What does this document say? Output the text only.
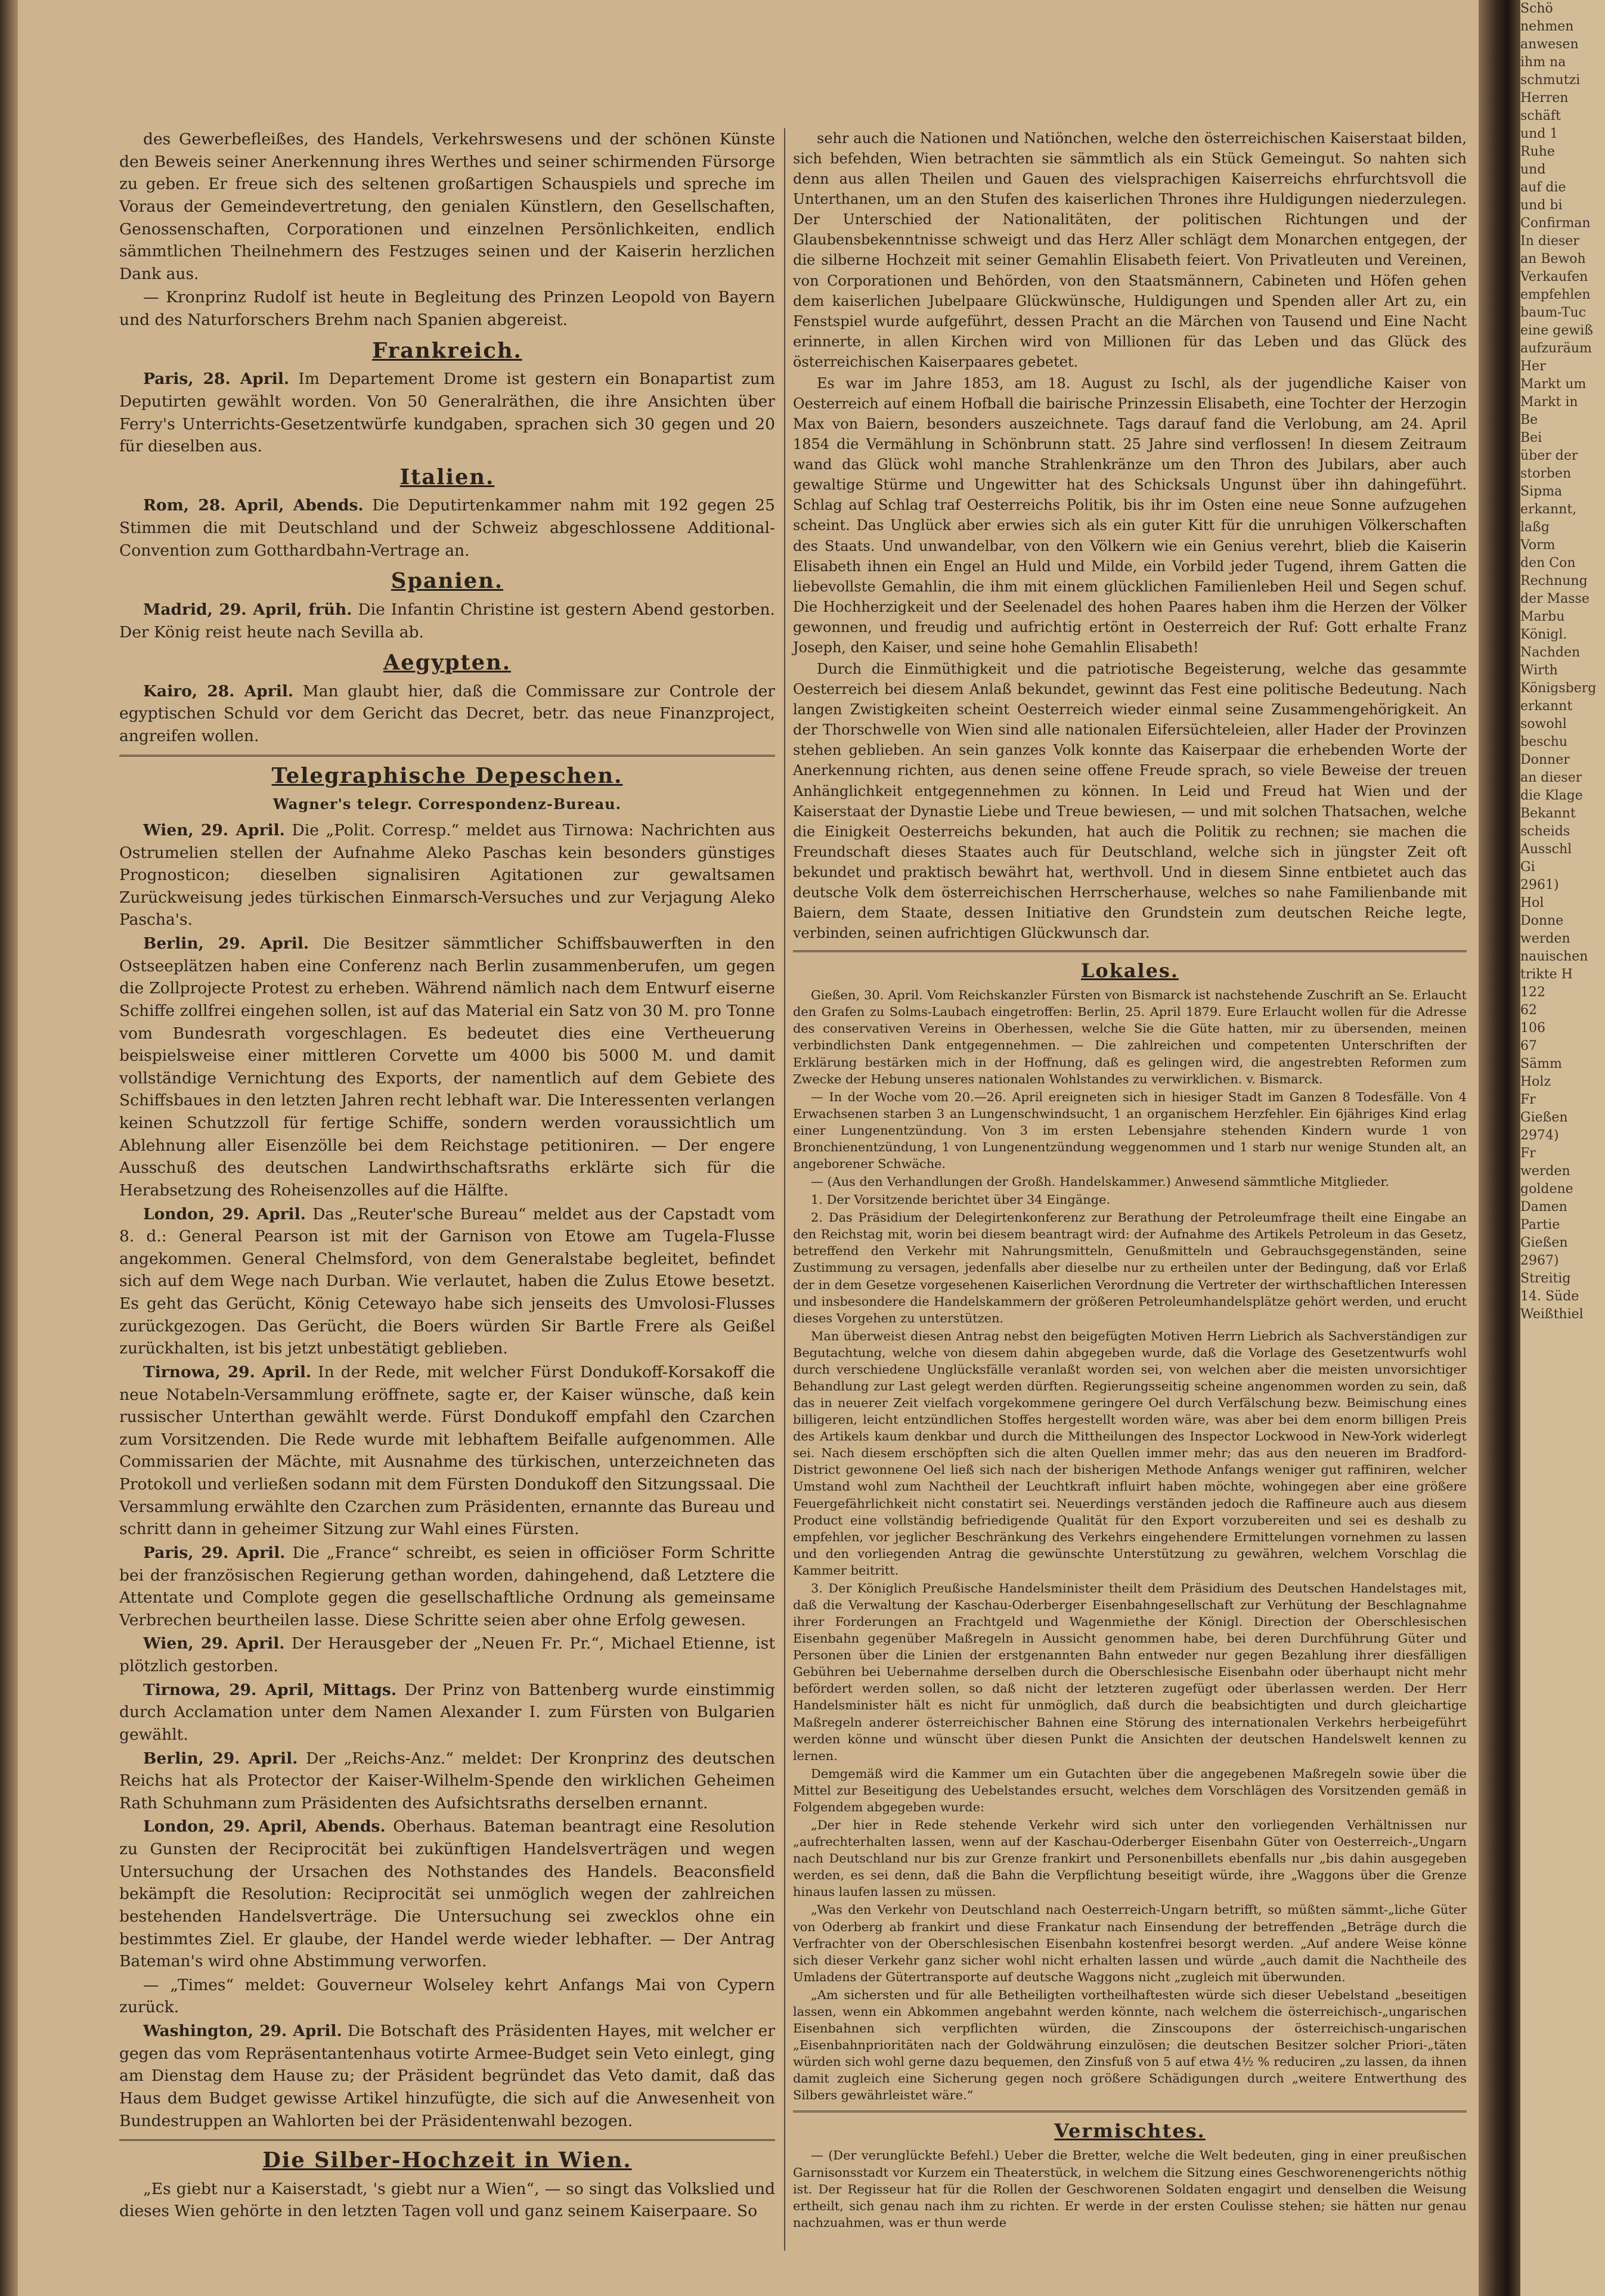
des Gewerbefleißes, des Handels, Verkehrswesens und der schönen Künste den Beweis seiner Anerkennung ihres Werthes und seiner schirmenden Fürsorge zu geben. Er freue sich des seltenen großartigen Schauspiels und spreche im Voraus der Gemeindevertretung, den genialen Künstlern, den Gesellschaften, Genossenschaften, Corporationen und einzelnen Persönlichkeiten, endlich sämmtlichen Theilnehmern des Festzuges seinen und der Kaiserin herzlichen Dank aus.

— Kronprinz Rudolf ist heute in Begleitung des Prinzen Leopold von Bayern und des Naturforschers Brehm nach Spanien abgereist.

Frankreich.

Paris, 28. April. Im Departement Drome ist gestern ein Bonapartist zum Deputirten gewählt worden. Von 50 Generalräthen, die ihre Ansichten über Ferry's Unterrichts-Gesetzentwürfe kundgaben, sprachen sich 30 gegen und 20 für dieselben aus.

Italien.

Rom, 28. April, Abends. Die Deputirtenkammer nahm mit 192 gegen 25 Stimmen die mit Deutschland und der Schweiz abgeschlossene Additional-Convention zum Gotthardbahn-Vertrage an.

Spanien.

Madrid, 29. April, früh. Die Infantin Christine ist gestern Abend gestorben. Der König reist heute nach Sevilla ab.

Aegypten.

Kairo, 28. April. Man glaubt hier, daß die Commissare zur Controle der egyptischen Schuld vor dem Gericht das Decret, betr. das neue Finanzproject, angreifen wollen.

Telegraphische Depeschen.
Wagner's telegr. Correspondenz-Bureau.

Wien, 29. April. Die „Polit. Corresp.“ meldet aus Tirnowa: Nachrichten aus Ostrumelien stellen der Aufnahme Aleko Paschas kein besonders günstiges Prognosticon; dieselben signalisiren Agitationen zur gewaltsamen Zurückweisung jedes türkischen Einmarsch-Versuches und zur Verjagung Aleko Pascha's.

Berlin, 29. April. Die Besitzer sämmtlicher Schiffsbauwerften in den Ostseeplätzen haben eine Conferenz nach Berlin zusammenberufen, um gegen die Zollprojecte Protest zu erheben. Während nämlich nach dem Entwurf eiserne Schiffe zollfrei eingehen sollen, ist auf das Material ein Satz von 30 M. pro Tonne vom Bundesrath vorgeschlagen. Es bedeutet dies eine Vertheuerung beispielsweise einer mittleren Corvette um 4000 bis 5000 M. und damit vollständige Vernichtung des Exports, der namentlich auf dem Gebiete des Schiffsbaues in den letzten Jahren recht lebhaft war. Die Interessenten verlangen keinen Schutzzoll für fertige Schiffe, sondern werden voraussichtlich um Ablehnung aller Eisenzölle bei dem Reichstage petitioniren. — Der engere Ausschuß des deutschen Landwirthschaftsraths erklärte sich für die Herabsetzung des Roheisenzolles auf die Hälfte.

London, 29. April. Das „Reuter'sche Bureau“ meldet aus der Capstadt vom 8. d.: General Pearson ist mit der Garnison von Etowe am Tugela-Flusse angekommen. General Chelmsford, von dem Generalstabe begleitet, befindet sich auf dem Wege nach Durban. Wie verlautet, haben die Zulus Etowe besetzt. Es geht das Gerücht, König Cetewayo habe sich jenseits des Umvolosi-Flusses zurückgezogen. Das Gerücht, die Boers würden Sir Bartle Frere als Geißel zurückhalten, ist bis jetzt unbestätigt geblieben.

Tirnowa, 29. April. In der Rede, mit welcher Fürst Dondukoff-Korsakoff die neue Notabeln-Versammlung eröffnete, sagte er, der Kaiser wünsche, daß kein russischer Unterthan gewählt werde. Fürst Dondukoff empfahl den Czarchen zum Vorsitzenden. Die Rede wurde mit lebhaftem Beifalle aufgenommen. Alle Commissarien der Mächte, mit Ausnahme des türkischen, unterzeichneten das Protokoll und verließen sodann mit dem Fürsten Dondukoff den Sitzungssaal. Die Versammlung erwählte den Czarchen zum Präsidenten, ernannte das Bureau und schritt dann in geheimer Sitzung zur Wahl eines Fürsten.

Paris, 29. April. Die „France“ schreibt, es seien in officiöser Form Schritte bei der französischen Regierung gethan worden, dahingehend, daß Letztere die Attentate und Complote gegen die gesellschaftliche Ordnung als gemeinsame Verbrechen beurtheilen lasse. Diese Schritte seien aber ohne Erfolg gewesen.

Wien, 29. April. Der Herausgeber der „Neuen Fr. Pr.“, Michael Etienne, ist plötzlich gestorben.

Tirnowa, 29. April, Mittags. Der Prinz von Battenberg wurde einstimmig durch Acclamation unter dem Namen Alexander I. zum Fürsten von Bulgarien gewählt.

Berlin, 29. April. Der „Reichs-Anz.“ meldet: Der Kronprinz des deutschen Reichs hat als Protector der Kaiser-Wilhelm-Spende den wirklichen Geheimen Rath Schuhmann zum Präsidenten des Aufsichtsraths derselben ernannt.

London, 29. April, Abends. Oberhaus. Bateman beantragt eine Resolution zu Gunsten der Reciprocität bei zukünftigen Handelsverträgen und wegen Untersuchung der Ursachen des Nothstandes des Handels. Beaconsfield bekämpft die Resolution: Reciprocität sei unmöglich wegen der zahlreichen bestehenden Handelsverträge. Die Untersuchung sei zwecklos ohne ein bestimmtes Ziel. Er glaube, der Handel werde wieder lebhafter. — Der Antrag Bateman's wird ohne Abstimmung verworfen.

— „Times“ meldet: Gouverneur Wolseley kehrt Anfangs Mai von Cypern zurück.

Washington, 29. April. Die Botschaft des Präsidenten Hayes, mit welcher er gegen das vom Repräsentantenhaus votirte Armee-Budget sein Veto einlegt, ging am Dienstag dem Hause zu; der Präsident begründet das Veto damit, daß das Haus dem Budget gewisse Artikel hinzufügte, die sich auf die Anwesenheit von Bundestruppen an Wahlorten bei der Präsidentenwahl bezogen.

Die Silber-Hochzeit in Wien.

„Es giebt nur a Kaiserstadt, 's giebt nur a Wien“, — so singt das Volkslied und dieses Wien gehörte in den letzten Tagen voll und ganz seinem Kaiserpaare. So

sehr auch die Nationen und Natiönchen, welche den österreichischen Kaiserstaat bilden, sich befehden, Wien betrachten sie sämmtlich als ein Stück Gemeingut. So nahten sich denn aus allen Theilen und Gauen des vielsprachigen Kaiserreichs ehrfurchtsvoll die Unterthanen, um an den Stufen des kaiserlichen Thrones ihre Huldigungen niederzulegen. Der Unterschied der Nationalitäten, der politischen Richtungen und der Glaubensbekenntnisse schweigt und das Herz Aller schlägt dem Monarchen entgegen, der die silberne Hochzeit mit seiner Gemahlin Elisabeth feiert. Von Privatleuten und Vereinen, von Corporationen und Behörden, von den Staatsmännern, Cabineten und Höfen gehen dem kaiserlichen Jubelpaare Glückwünsche, Huldigungen und Spenden aller Art zu, ein Fenstspiel wurde aufgeführt, dessen Pracht an die Märchen von Tausend und Eine Nacht erinnerte, in allen Kirchen wird von Millionen für das Leben und das Glück des österreichischen Kaiserpaares gebetet.

Es war im Jahre 1853, am 18. August zu Ischl, als der jugendliche Kaiser von Oesterreich auf einem Hofball die bairische Prinzessin Elisabeth, eine Tochter der Herzogin Max von Baiern, besonders auszeichnete. Tags darauf fand die Verlobung, am 24. April 1854 die Vermählung in Schönbrunn statt. 25 Jahre sind verflossen! In diesem Zeitraum wand das Glück wohl manche Strahlenkränze um den Thron des Jubilars, aber auch gewaltige Stürme und Ungewitter hat des Schicksals Ungunst über ihn dahingeführt. Schlag auf Schlag traf Oesterreichs Politik, bis ihr im Osten eine neue Sonne aufzugehen scheint. Das Unglück aber erwies sich als ein guter Kitt für die unruhigen Völkerschaften des Staats. Und unwandelbar, von den Völkern wie ein Genius verehrt, blieb die Kaiserin Elisabeth ihnen ein Engel an Huld und Milde, ein Vorbild jeder Tugend, ihrem Gatten die liebevollste Gemahlin, die ihm mit einem glücklichen Familienleben Heil und Segen schuf. Die Hochherzigkeit und der Seelenadel des hohen Paares haben ihm die Herzen der Völker gewonnen, und freudig und aufrichtig ertönt in Oesterreich der Ruf: Gott erhalte Franz Joseph, den Kaiser, und seine hohe Gemahlin Elisabeth!

Durch die Einmüthigkeit und die patriotische Begeisterung, welche das gesammte Oesterreich bei diesem Anlaß bekundet, gewinnt das Fest eine politische Bedeutung. Nach langen Zwistigkeiten scheint Oesterreich wieder einmal seine Zusammengehörigkeit. An der Thorschwelle von Wien sind alle nationalen Eifersüchteleien, aller Hader der Provinzen stehen geblieben. An sein ganzes Volk konnte das Kaiserpaar die erhebenden Worte der Anerkennung richten, aus denen seine offene Freude sprach, so viele Beweise der treuen Anhänglichkeit entgegennehmen zu können. In Leid und Freud hat Wien und der Kaiserstaat der Dynastie Liebe und Treue bewiesen, — und mit solchen Thatsachen, welche die Einigkeit Oesterreichs bekunden, hat auch die Politik zu rechnen; sie machen die Freundschaft dieses Staates auch für Deutschland, welche sich in jüngster Zeit oft bekundet und praktisch bewährt hat, werthvoll. Und in diesem Sinne entbietet auch das deutsche Volk dem österreichischen Herrscherhause, welches so nahe Familienbande mit Baiern, dem Staate, dessen Initiative den Grundstein zum deutschen Reiche legte, verbinden, seinen aufrichtigen Glückwunsch dar.

Lokales.

Gießen, 30. April. Vom Reichskanzler Fürsten von Bismarck ist nachstehende Zuschrift an Se. Erlaucht den Grafen zu Solms-Laubach eingetroffen: Berlin, 25. April 1879. Eure Erlaucht wollen für die Adresse des conservativen Vereins in Oberhessen, welche Sie die Güte hatten, mir zu übersenden, meinen verbindlichsten Dank entgegennehmen. — Die zahlreichen und competenten Unterschriften der Erklärung bestärken mich in der Hoffnung, daß es gelingen wird, die angestrebten Reformen zum Zwecke der Hebung unseres nationalen Wohlstandes zu verwirklichen. v. Bismarck.

— In der Woche vom 20.—26. April ereigneten sich in hiesiger Stadt im Ganzen 8 Todesfälle. Von 4 Erwachsenen starben 3 an Lungenschwindsucht, 1 an organischem Herzfehler. Ein 6jähriges Kind erlag einer Lungenentzündung. Von 3 im ersten Lebensjahre stehenden Kindern wurde 1 von Bronchienentzündung, 1 von Lungenentzündung weggenommen und 1 starb nur wenige Stunden alt, an angeborener Schwäche.

— (Aus den Verhandlungen der Großh. Handelskammer.) Anwesend sämmtliche Mitglieder.

1. Der Vorsitzende berichtet über 34 Eingänge.

2. Das Präsidium der Delegirtenkonferenz zur Berathung der Petroleumfrage theilt eine Eingabe an den Reichstag mit, worin bei diesem beantragt wird: der Aufnahme des Artikels Petroleum in das Gesetz, betreffend den Verkehr mit Nahrungsmitteln, Genußmitteln und Gebrauchsgegenständen, seine Zustimmung zu versagen, jedenfalls aber dieselbe nur zu ertheilen unter der Bedingung, daß vor Erlaß der in dem Gesetze vorgesehenen Kaiserlichen Verordnung die Vertreter der wirthschaftlichen Interessen und insbesondere die Handelskammern der größeren Petroleumhandelsplätze gehört werden, und erucht dieses Vorgehen zu unterstützen.

Man überweist diesen Antrag nebst den beigefügten Motiven Herrn Liebrich als Sachverständigen zur Begutachtung, welche von diesem dahin abgegeben wurde, daß die Vorlage des Gesetzentwurfs wohl durch verschiedene Unglücksfälle veranlaßt worden sei, von welchen aber die meisten unvorsichtiger Behandlung zur Last gelegt werden dürften. Regierungsseitig scheine angenommen worden zu sein, daß das in neuerer Zeit vielfach vorgekommene geringere Oel durch Verfälschung bezw. Beimischung eines billigeren, leicht entzündlichen Stoffes hergestellt worden wäre, was aber bei dem enorm billigen Preis des Artikels kaum denkbar und durch die Mittheilungen des Inspector Lockwood in New-York widerlegt sei. Nach diesem erschöpften sich die alten Quellen immer mehr; das aus den neueren im Bradford-District gewonnene Oel ließ sich nach der bisherigen Methode Anfangs weniger gut raffiniren, welcher Umstand wohl zum Nachtheil der Leuchtkraft influirt haben möchte, wohingegen aber eine größere Feuergefährlichkeit nicht constatirt sei. Neuerdings verständen jedoch die Raffineure auch aus diesem Product eine vollständig befriedigende Qualität für den Export vorzubereiten und sei es deshalb zu empfehlen, vor jeglicher Beschränkung des Verkehrs eingehendere Ermittelungen vornehmen zu lassen und den vorliegenden Antrag die gewünschte Unterstützung zu gewähren, welchem Vorschlag die Kammer beitritt.

3. Der Königlich Preußische Handelsminister theilt dem Präsidium des Deutschen Handelstages mit, daß die Verwaltung der Kaschau-Oderberger Eisenbahngesellschaft zur Verhütung der Beschlagnahme ihrer Forderungen an Frachtgeld und Wagenmiethe der Königl. Direction der Oberschlesischen Eisenbahn gegenüber Maßregeln in Aussicht genommen habe, bei deren Durchführung Güter und Personen über die Linien der erstgenannten Bahn entweder nur gegen Bezahlung ihrer diesfälligen Gebühren bei Uebernahme derselben durch die Oberschlesische Eisenbahn oder überhaupt nicht mehr befördert werden sollen, so daß nicht der letzteren zugefügt oder überlassen werden. Der Herr Handelsminister hält es nicht für unmöglich, daß durch die beabsichtigten und durch gleichartige Maßregeln anderer österreichischer Bahnen eine Störung des internationalen Verkehrs herbeigeführt werden könne und wünscht über diesen Punkt die Ansichten der deutschen Handelswelt kennen zu lernen.

Demgemäß wird die Kammer um ein Gutachten über die angegebenen Maßregeln sowie über die Mittel zur Beseitigung des Uebelstandes ersucht, welches dem Vorschlägen des Vorsitzenden gemäß in Folgendem abgegeben wurde:

„Der hier in Rede stehende Verkehr wird sich unter den vorliegenden Verhältnissen nur „aufrechterhalten lassen, wenn auf der Kaschau-Oderberger Eisenbahn Güter von Oesterreich-„Ungarn nach Deutschland nur bis zur Grenze frankirt und Personenbillets ebenfalls nur „bis dahin ausgegeben werden, es sei denn, daß die Bahn die Verpflichtung beseitigt würde, ihre „Waggons über die Grenze hinaus laufen lassen zu müssen.

„Was den Verkehr von Deutschland nach Oesterreich-Ungarn betrifft, so müßten sämmt-„liche Güter von Oderberg ab frankirt und diese Frankatur nach Einsendung der betreffenden „Beträge durch die Verfrachter von der Oberschlesischen Eisenbahn kostenfrei besorgt werden. „Auf andere Weise könne sich dieser Verkehr ganz sicher wohl nicht erhalten lassen und würde „auch damit die Nachtheile des Umladens der Gütertransporte auf deutsche Waggons nicht „zugleich mit überwunden.

„Am sichersten und für alle Betheiligten vortheilhaftesten würde sich dieser Uebelstand „beseitigen lassen, wenn ein Abkommen angebahnt werden könnte, nach welchem die österreichisch-„ungarischen Eisenbahnen sich verpflichten würden, die Zinscoupons der österreichisch-ungarischen „Eisenbahnprioritäten nach der Goldwährung einzulösen; die deutschen Besitzer solcher Priori-„täten würden sich wohl gerne dazu bequemen, den Zinsfuß von 5 auf etwa 4½ % reduciren „zu lassen, da ihnen damit zugleich eine Sicherung gegen noch größere Schädigungen durch „weitere Entwerthung des Silbers gewährleistet wäre.“

Vermischtes.

— (Der verunglückte Befehl.) Ueber die Bretter, welche die Welt bedeuten, ging in einer preußischen Garnisonsstadt vor Kurzem ein Theaterstück, in welchem die Sitzung eines Geschworenengerichts nöthig ist. Der Regisseur hat für die Rollen der Geschworenen Soldaten engagirt und denselben die Weisung ertheilt, sich genau nach ihm zu richten. Er werde in der ersten Coulisse stehen; sie hätten nur genau nachzuahmen, was er thun werde

Schö
nehmen
anwesen
ihm na
schmutzi
Herren
schäft
und 1
Ruhe
und
auf die
und bi
Confirman
In dieser
an Bewoh
Verkaufen
empfehlen
baum-Tuc
eine gewiß
aufzuräum
Her
Markt um
Markt in
Be
Bei
über der
storben
Sipma
erkannt,
laßg
Vorm
den Con
Rechnung
der Masse
Marbu
Königl.
Nachden
Wirth
Königsberg
erkannt
sowohl
beschu
Donner
an dieser
die Klage
Bekannt
scheids
Ausschl
Gi
2961)
Hol
Donne
werden
nauischen
trikte H
122
62
106
67
Sämm
Holz
Fr
Gießen
2974)
Fr
werden
goldene
Damen
Partie
Gießen
2967)
Streitig
14. Süde
Weißthiel
